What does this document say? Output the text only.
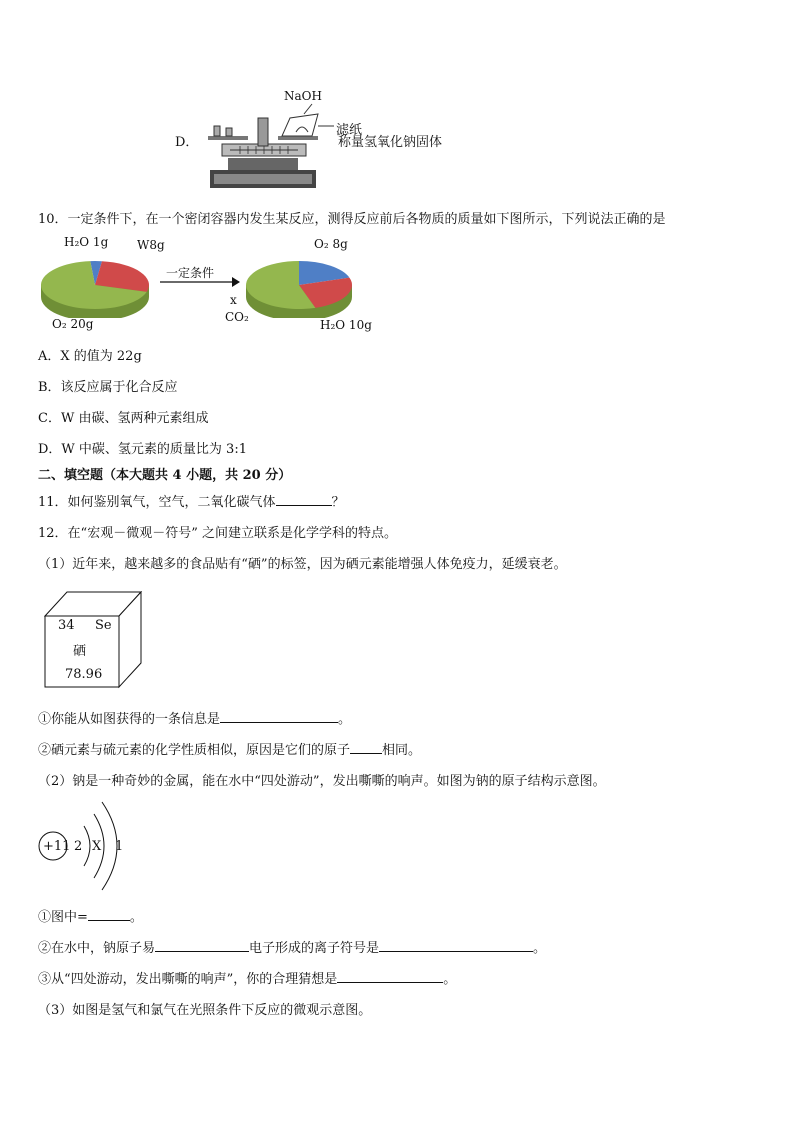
D．
NaOH
滤纸
称量氢氧化钠固体
10．一定条件下，在一个密闭容器内发生某反应，测得反应前后各物质的质量如下图所示，下列说法正确的是
H₂O 1g W8g
O₂ 20g
一定条件
O₂ 8g
x
CO₂
H₂O 10g
A．X 的值为 22g
B．该反应属于化合反应
C．W 由碳、氢两种元素组成
D．W 中碳、氢元素的质量比为 3:1
二、填空题（本大题共 4 小题，共 20 分）
11．如何鉴别氧气，空气，二氧化碳气体	？
12．在“宏观－微观－符号” 之间建立联系是化学学科的特点。
（1）近年来，越来越多的食品贴有“硒”的标签，因为硒元素能增强人体免疫力，延缓衰老。
34 Se
硒
78.96
①你能从如图获得的一条信息是	。
②硒元素与硫元素的化学性质相似，原因是它们的原子 相同。
（2）钠是一种奇妙的金属，能在水中“四处游动”，发出嘶嘶的响声。如图为钠的原子结构示意图。
+11 2 X 1
①图中=	。
②在水中，钠原子易	电子形成的离子符号是	。
③从“四处游动，发出嘶嘶的响声”，你的合理猜想是	。
（3）如图是氢气和氯气在光照条件下反应的微观示意图。
